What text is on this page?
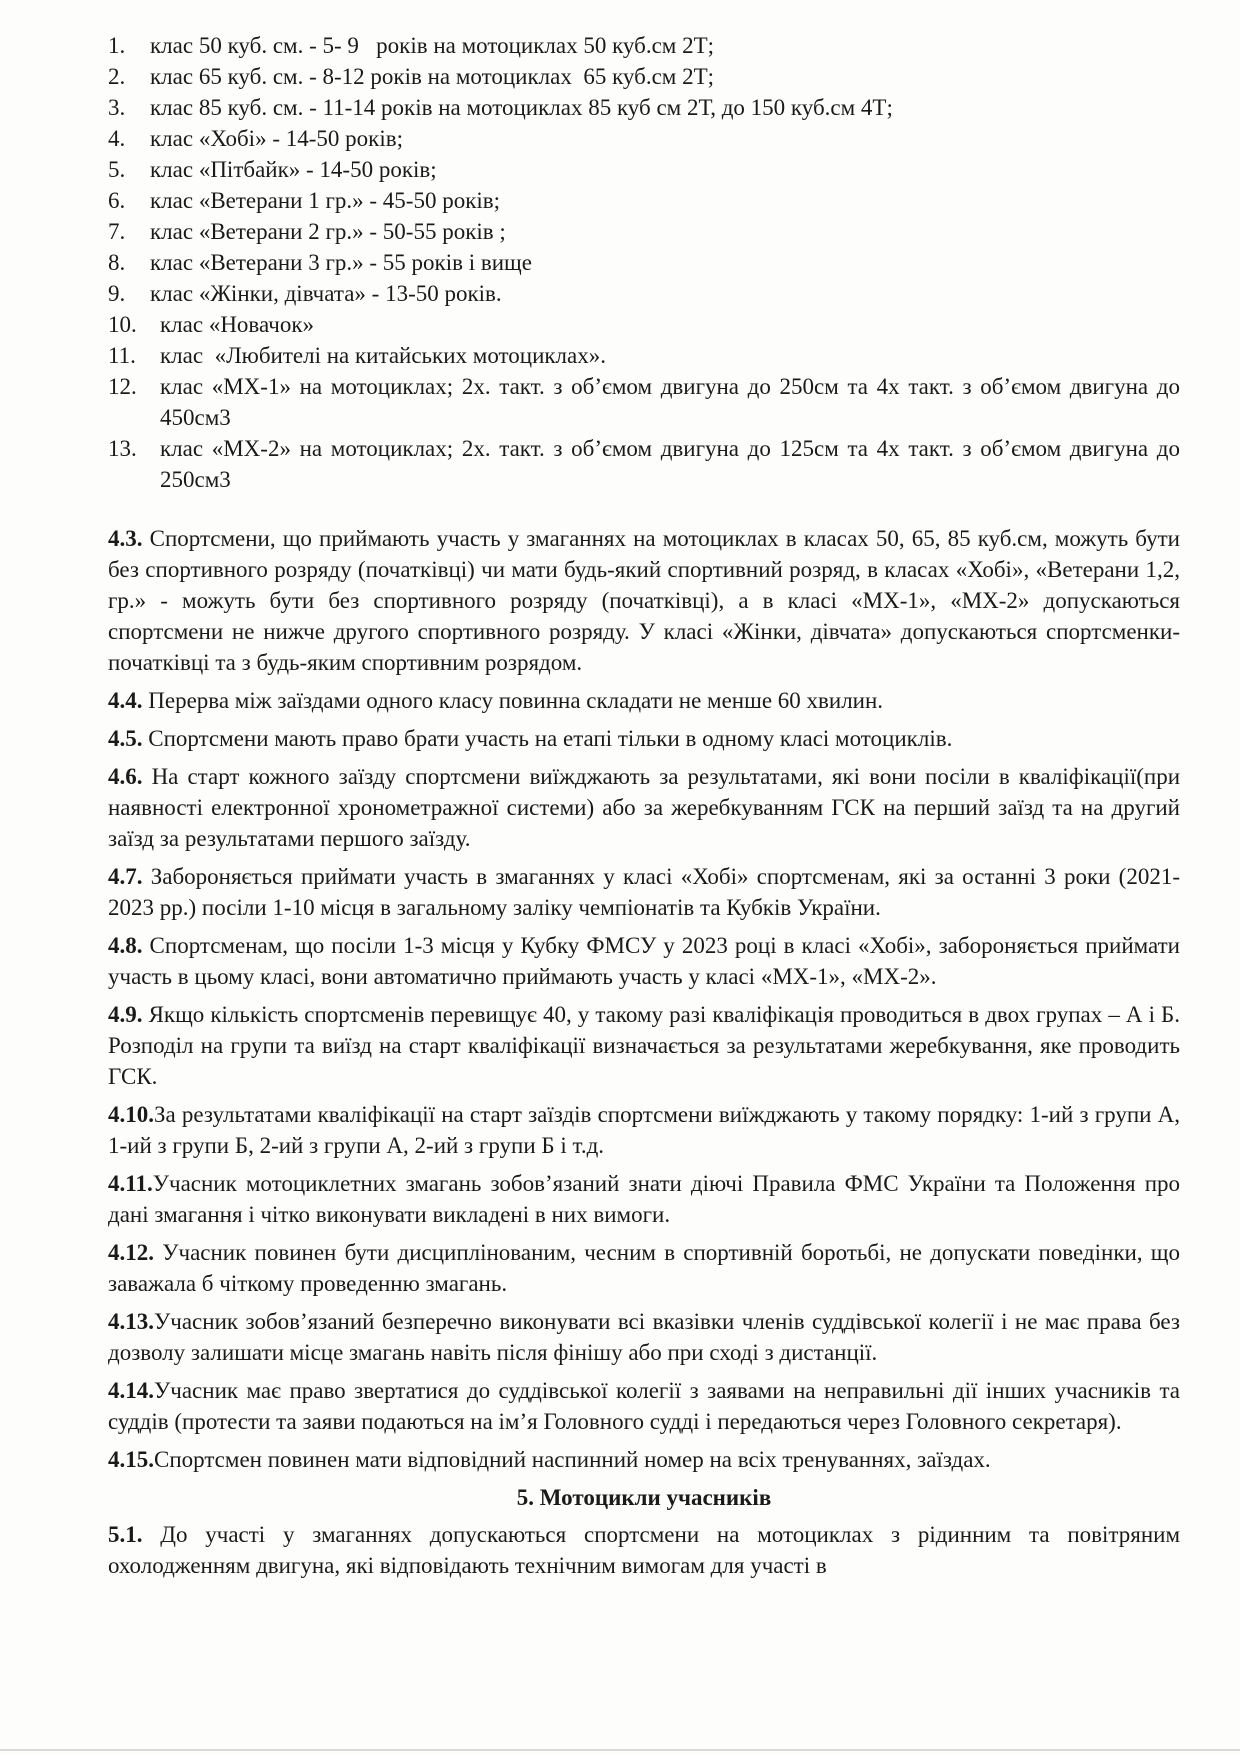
1.	клас 50 куб. см. - 5- 9   років на мотоциклах 50 куб.см 2Т;
2.	клас 65 куб. см. - 8-12 років на мотоциклах  65 куб.см 2Т;
3.	клас 85 куб. см. - 11-14 років на мотоциклах 85 куб см 2Т, до 150 куб.см 4Т;
4.	клас «Хобі» - 14-50 років;
5.	клас «Пітбайк» - 14-50 років;
6.	клас «Ветерани 1 гр.» - 45-50 років;
7.	клас «Ветерани 2 гр.» - 50-55 років ;
8.	клас «Ветерани 3 гр.» - 55 років і вище
9.	клас «Жінки, дівчата» - 13-50 років.
10.	клас «Новачок»
11.	клас  «Любителі на китайських мотоциклах».
12.	клас «МХ-1» на мотоциклах; 2х. такт. з об’ємом двигуна до 250см та 4х такт. з об’ємом двигуна до 450см3
13.	клас «МХ-2» на мотоциклах; 2х. такт. з об’ємом двигуна до 125см та 4х такт. з об’ємом двигуна до 250см3

4.3. Спортсмени, що приймають участь у змаганнях на мотоциклах в класах 50, 65, 85 куб.см, можуть бути без спортивного розряду (початківці) чи мати будь-який спортивний розряд, в класах «Хобі», «Ветерани 1,2, гр.» - можуть бути без спортивного розряду (початківці), а в класі «МХ-1», «МХ-2» допускаються спортсмени не нижче другого спортивного розряду. У класі «Жінки, дівчата» допускаються спортсменки-початківці та з будь-яким спортивним розрядом.

4.4. Перерва між заїздами одного класу повинна складати не менше 60 хвилин.

4.5. Спортсмени мають право брати участь на етапі тільки в одному класі мотоциклів.

4.6. На старт кожного заїзду спортсмени виїжджають за результатами, які вони посіли в кваліфікації(при наявності електронної хронометражної системи) або за жеребкуванням ГСК на перший заїзд та на другий заїзд за результатами першого заїзду.

4.7. Забороняється приймати участь в змаганнях у класі «Хобі» спортсменам, які за останні 3 роки (2021-2023 рр.) посіли 1-10 місця в загальному заліку чемпіонатів та Кубків України.

4.8. Спортсменам, що посіли 1-3 місця у Кубку ФМСУ у 2023 році в класі «Хобі», забороняється приймати участь в цьому класі, вони автоматично приймають участь у класі «МХ-1», «МХ-2».

4.9. Якщо кількість спортсменів перевищує 40, у такому разі кваліфікація проводиться в двох групах – А і Б. Розподіл на групи та виїзд на старт кваліфікації визначається за результатами жеребкування, яке проводить ГСК.

4.10.За результатами кваліфікації на старт заїздів спортсмени виїжджають у такому порядку: 1-ий з групи А, 1-ий з групи Б, 2-ий з групи А, 2-ий з групи Б і т.д.

4.11.Учасник мотоциклетних змагань зобов’язаний знати діючі Правила ФМС України та Положення про дані змагання і чітко виконувати викладені в них вимоги.

4.12. Учасник повинен бути дисциплінованим, чесним в спортивній боротьбі, не допускати поведінки, що заважала б чіткому проведенню змагань.

4.13.Учасник зобов’язаний безперечно виконувати всі вказівки членів суддівської колегії і не має права без дозволу залишати місце змагань навіть після фінішу або при сході з дистанції.

4.14.Учасник має право звертатися до суддівської колегії з заявами на неправильні дії інших учасників та суддів (протести та заяви подаються на ім’я Головного судді і передаються через Головного секретаря).

4.15.Спортсмен повинен мати відповідний наспинний номер на всіх тренуваннях, заїздах.

5. Мотоцикли учасників

5.1. До участі у змаганнях допускаються спортсмени на мотоциклах з рідинним та повітряним охолодженням двигуна, які відповідають технічним вимогам для участі в
